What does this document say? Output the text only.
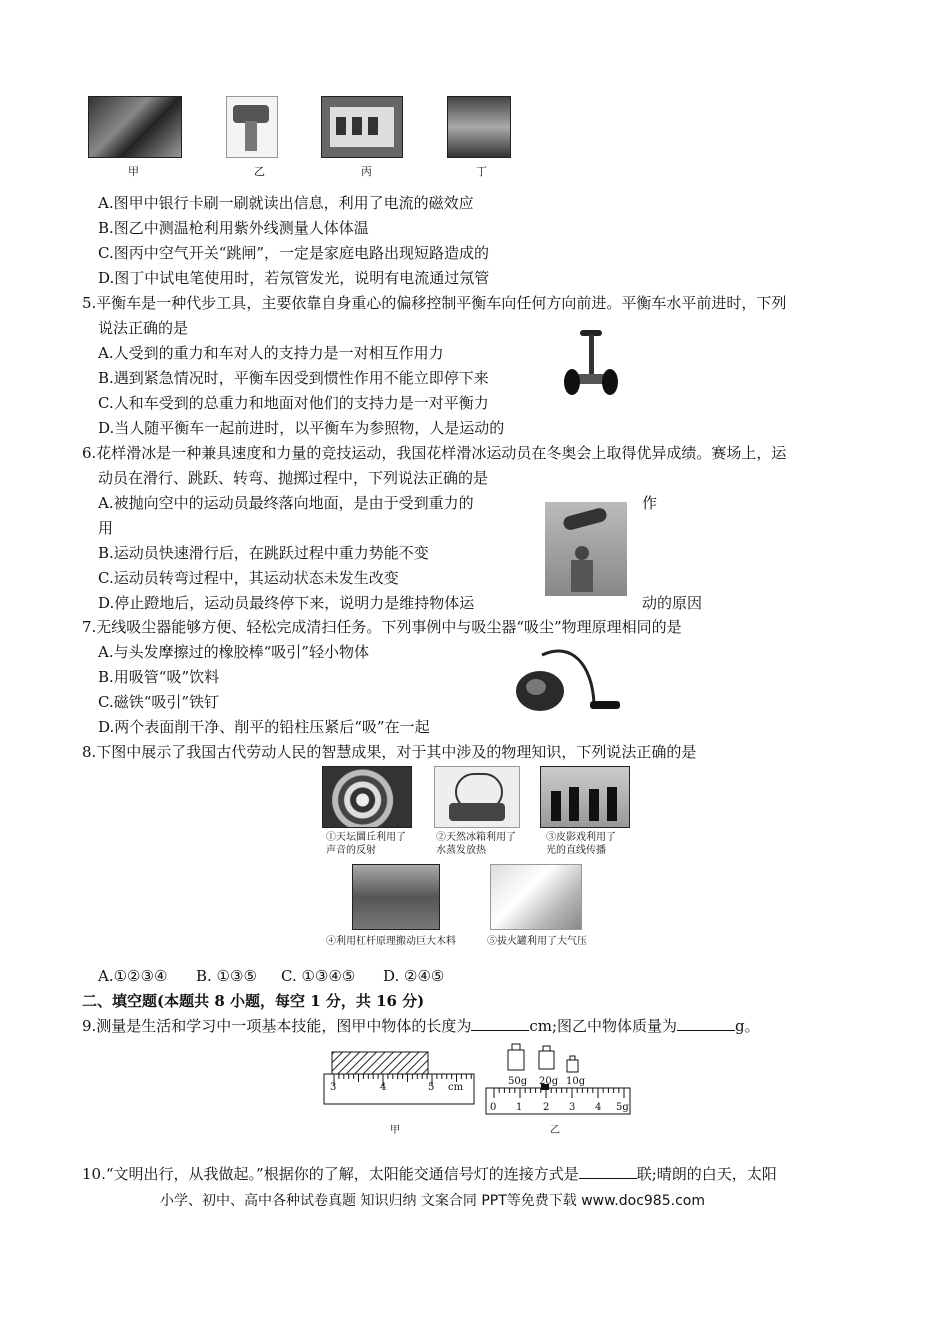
甲	乙	丙	丁
A.图甲中银行卡刷一刷就读出信息，利用了电流的磁效应
B.图乙中测温枪利用紫外线测量人体体温
C.图丙中空气开关“跳闸”，一定是家庭电路出现短路造成的
D.图丁中试电笔使用时，若氖管发光，说明有电流通过氖管
5.平衡车是一种代步工具，主要依靠自身重心的偏移控制平衡车向任何方向前进。平衡车水平前进时，下列
说法正确的是
A.人受到的重力和车对人的支持力是一对相互作用力
B.遇到紧急情况时，平衡车因受到惯性作用不能立即停下来
C.人和车受到的总重力和地面对他们的支持力是一对平衡力
D.当人随平衡车一起前进时，以平衡车为参照物，人是运动的
6.花样滑冰是一种兼具速度和力量的竞技运动，我国花样滑冰运动员在冬奥会上取得优异成绩。赛场上，运
动员在滑行、跳跃、转弯、抛掷过程中，下列说法正确的是
A.被抛向空中的运动员最终落向地面，是由于受到重力的	作
用
B.运动员快速滑行后，在跳跃过程中重力势能不变
C.运动员转弯过程中，其运动状态未发生改变
D.停止蹬地后，运动员最终停下来，说明力是维持物体运	动的原因
7.无线吸尘器能够方便、轻松完成清扫任务。下列事例中与吸尘器“吸尘”物理原理相同的是
A.与头发摩擦过的橡胶棒“吸引”轻小物体
B.用吸管“吸”饮料
C.磁铁“吸引”铁钉
D.两个表面削干净、削平的铅柱压紧后“吸”在一起
8.下图中展示了我国古代劳动人民的智慧成果，对于其中涉及的物理知识，下列说法正确的是
①天坛圜丘利用了
声音的反射
②天然冰箱利用了
水蒸发放热
③皮影戏利用了
光的直线传播
④利用杠杆原理搬动巨大木料	⑤拔火罐利用了大气压
A.①②③④ B. ①③⑤ C. ①③④⑤ D. ②④⑤
二、填空题(本题共 8 小题，每空 1 分，共 16 分)
9.测量是生活和学习中一项基本技能，图甲中物体的长度为	cm;图乙中物体质量为	g。
3	4	5 cm
甲
50g 20g 10g
0 1 2 3 4 5g
乙
10.“文明出行，从我做起。”根据你的了解，太阳能交通信号灯的连接方式是	联;晴朗的白天，太阳
小学、初中、高中各种试卷真题 知识归纳 文案合同 PPT等免费下载 www.doc985.com
